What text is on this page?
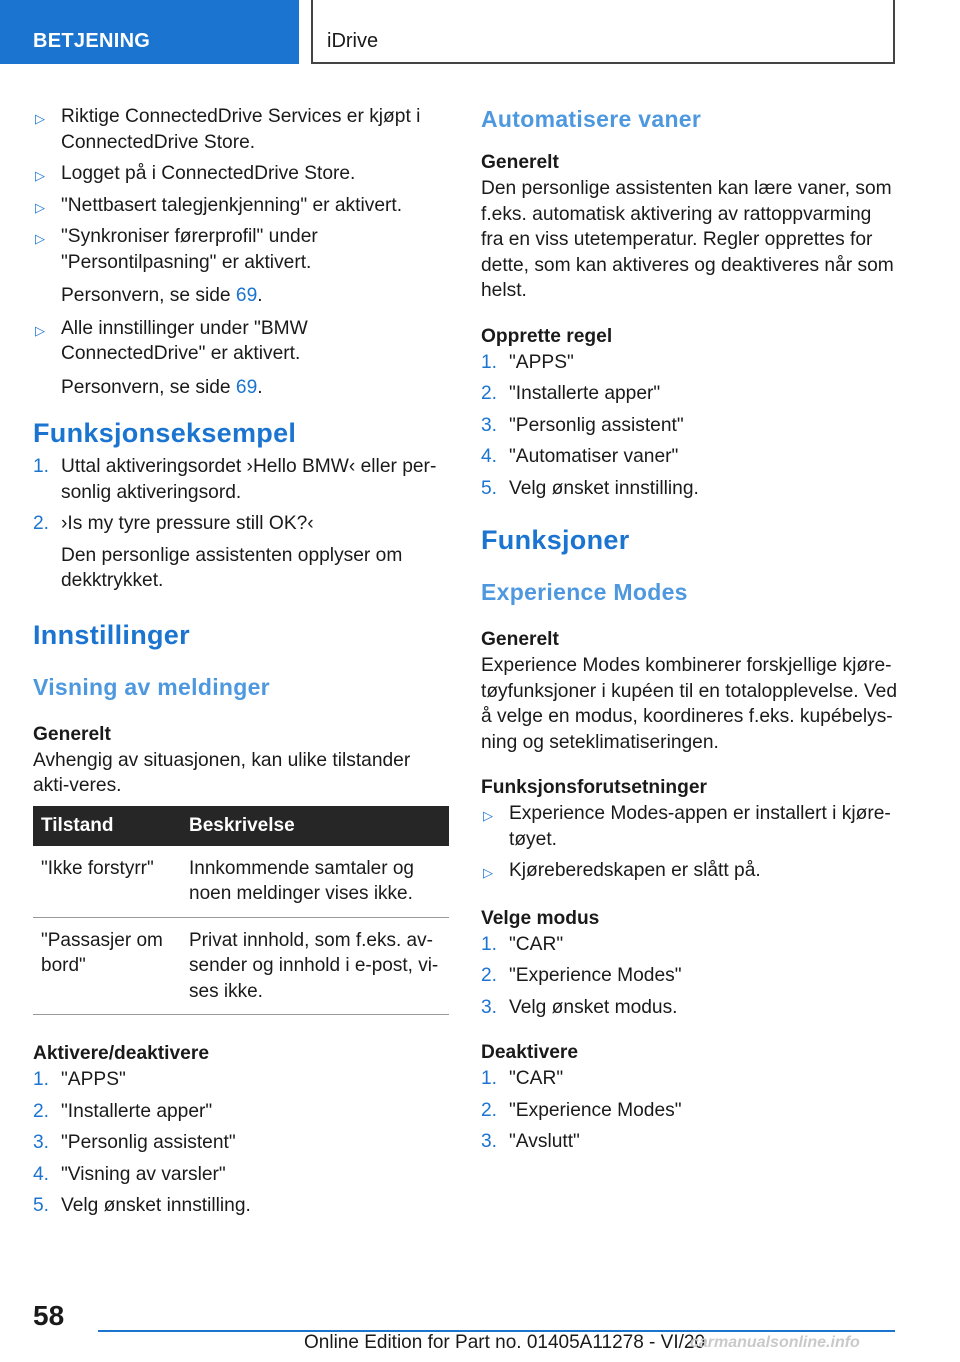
BETJENING	iDrive
▷ Riktige ConnectedDrive Services er kjøpt i ConnectedDrive Store.
▷ Logget på i ConnectedDrive Store.
▷ "Nettbasert talegjenkjenning" er aktivert.
▷ "Synkroniser førerprofil" under "Persontilpasning" er aktivert.
Personvern, se side 69.
▷ Alle innstillinger under "BMW ConnectedDrive" er aktivert.
Personvern, se side 69.
Funksjonseksempel
1. Uttal aktiveringsordet ›Hello BMW‹ eller per-sonlig aktiveringsord.
2. ›Is my tyre pressure still OK?‹
Den personlige assistenten opplyser om dekktrykket.
Innstillinger
Visning av meldinger
Generelt
Avhengig av situasjonen, kan ulike tilstander akti-veres.
Tilstand	Beskrivelse
"Ikke forstyrr"	Innkommende samtaler og noen meldinger vises ikke.
"Passasjer om bord"	Privat innhold, som f.eks. av-sender og innhold i e-post, vi-ses ikke.
Aktivere/deaktivere
1. "APPS"
2. "Installerte apper"
3. "Personlig assistent"
4. "Visning av varsler"
5. Velg ønsket innstilling.
Automatisere vaner
Generelt
Den personlige assistenten kan lære vaner, som f.eks. automatisk aktivering av rattoppvarming fra en viss utetemperatur. Regler opprettes for dette, som kan aktiveres og deaktiveres når som helst.
Opprette regel
1. "APPS"
2. "Installerte apper"
3. "Personlig assistent"
4. "Automatiser vaner"
5. Velg ønsket innstilling.
Funksjoner
Experience Modes
Generelt
Experience Modes kombinerer forskjellige kjøre-tøyfunksjoner i kupéen til en totalopplevelse. Ved å velge en modus, koordineres f.eks. kupébelys-ning og seteklimatiseringen.
Funksjonsforutsetninger
▷ Experience Modes-appen er installert i kjøre-tøyet.
▷ Kjøreberedskapen er slått på.
Velge modus
1. "CAR"
2. "Experience Modes"
3. Velg ønsket modus.
Deaktivere
1. "CAR"
2. "Experience Modes"
3. "Avslutt"
58
Online Edition for Part no. 01405A11278 - VI/20
carmanualsonline.info
